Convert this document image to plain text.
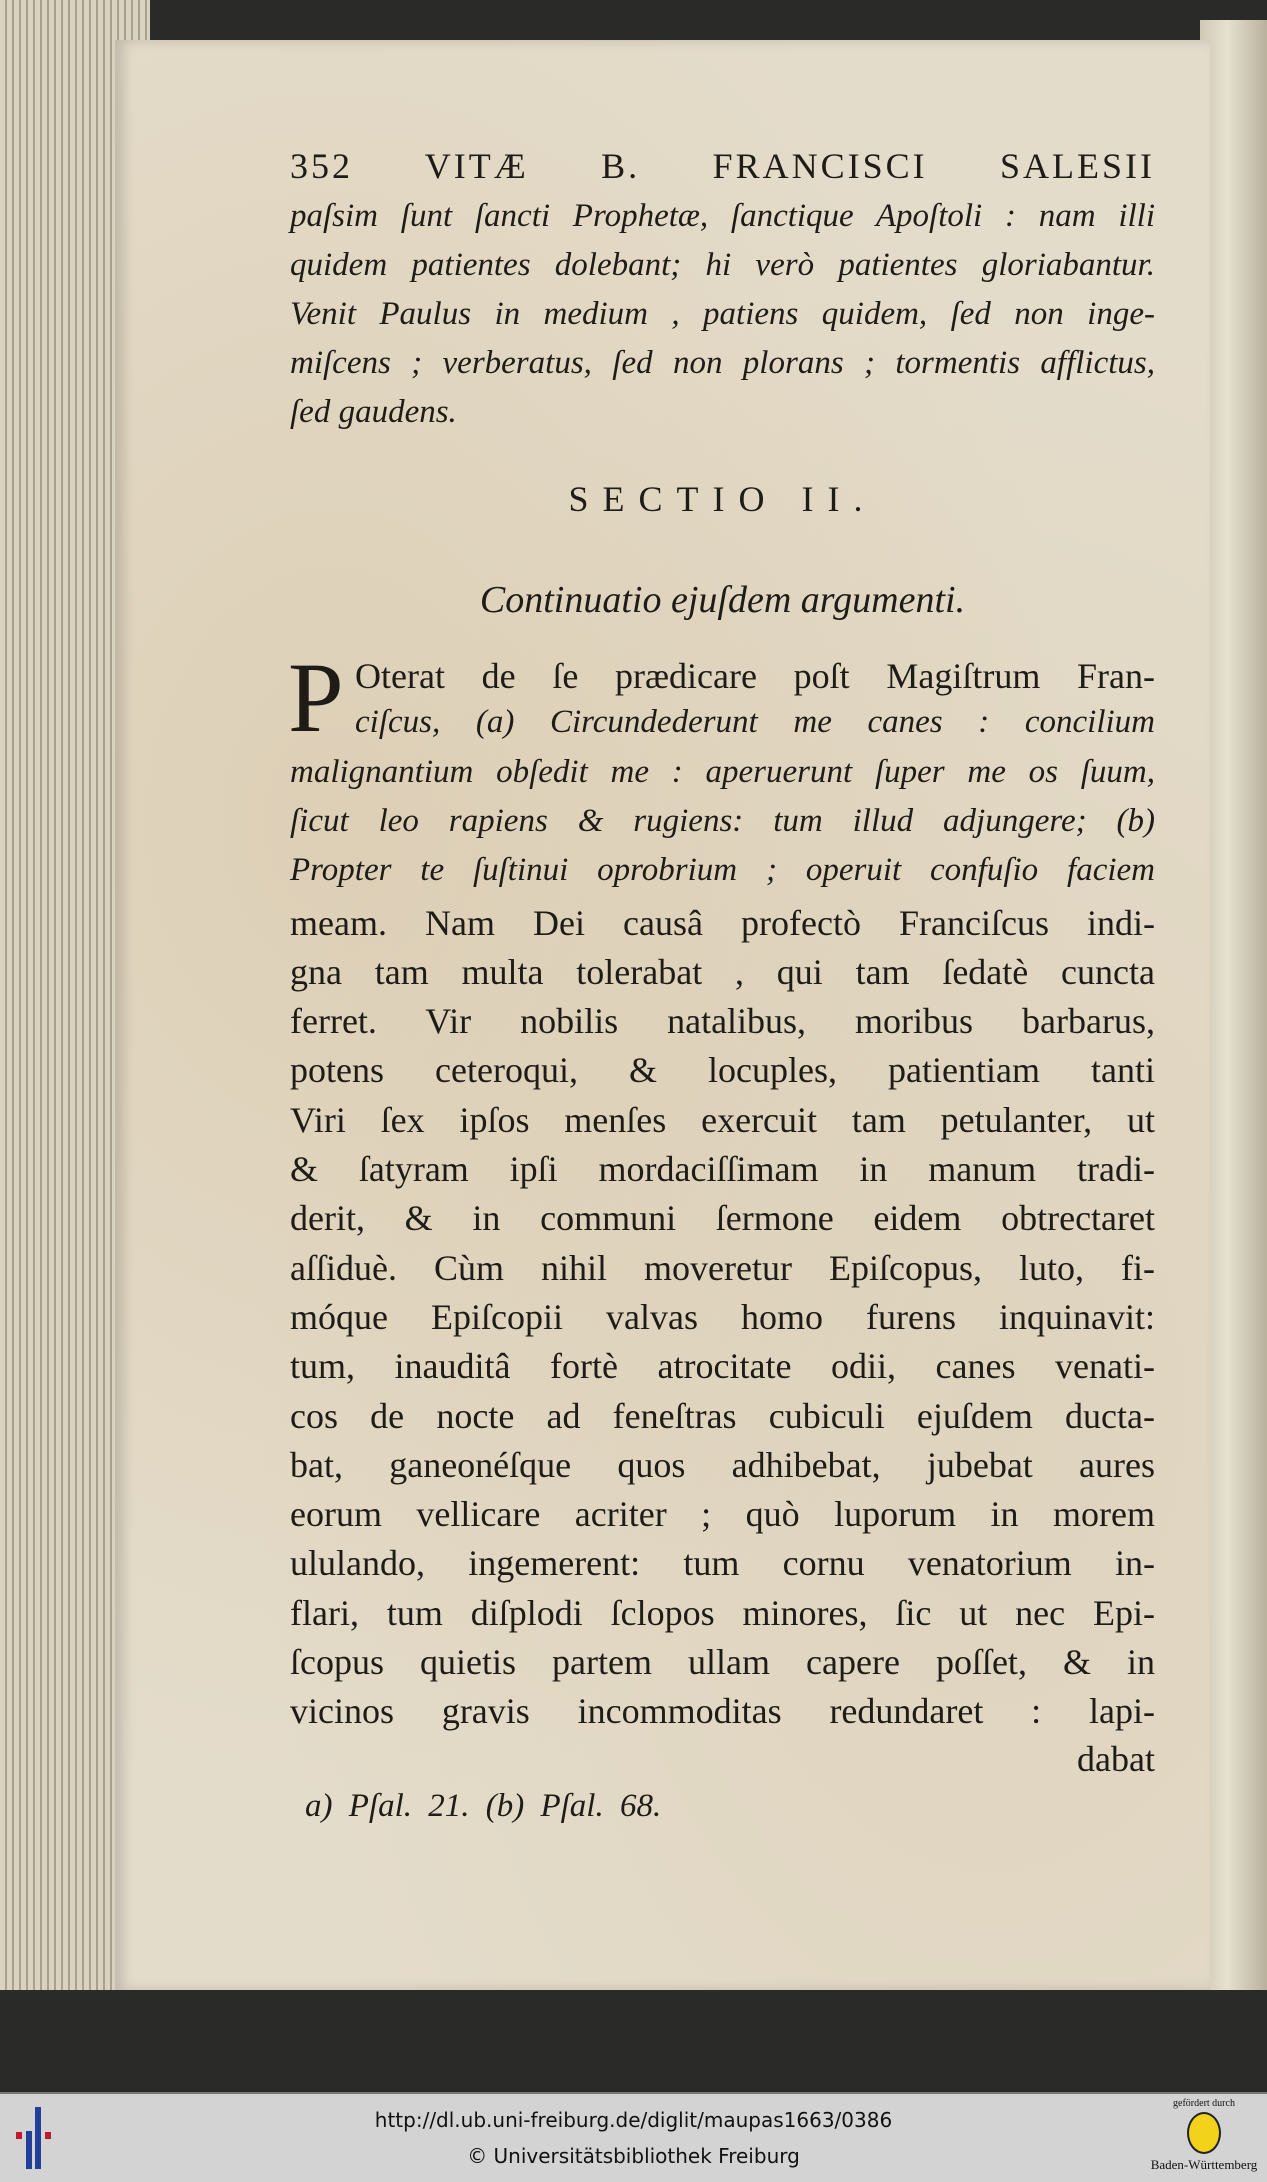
352 VITÆ B. FRANCISCI SALESII
paſsim ſunt ſancti Prophetæ, ſanctique Apoſtoli : nam illi
quidem patientes dolebant; hi verò patientes gloriabantur.
Venit Paulus in medium , patiens quidem, ſed non inge-
miſcens ; verberatus, ſed non plorans ; tormentis afflictus,
ſed gaudens.
SECTIO II.
Continuatio ejuſdem argumenti.
P Oterat de ſe prædicare poſt Magiſtrum Fran-
ciſcus, (a) Circundederunt me canes : concilium
malignantium obſedit me : aperuerunt ſuper me os ſuum,
ſicut leo rapiens & rugiens: tum illud adjungere; (b)
Propter te ſuſtinui oprobrium ; operuit confuſio faciem
meam. Nam Dei causâ profectò Franciſcus indi-
gna tam multa tolerabat , qui tam ſedatè cuncta
ferret. Vir nobilis natalibus, moribus barbarus,
potens ceteroqui, & locuples, patientiam tanti
Viri ſex ipſos menſes exercuit tam petulanter, ut
& ſatyram ipſi mordaciſſimam in manum tradi-
derit, & in communi ſermone eidem obtrectaret
aſſiduè. Cùm nihil moveretur Epiſcopus, luto, fi-
móque Epiſcopii valvas homo furens inquinavit:
tum, inauditâ fortè atrocitate odii, canes venati-
cos de nocte ad feneſtras cubiculi ejuſdem ducta-
bat, ganeonéſque quos adhibebat, jubebat aures
eorum vellicare acriter ; quò luporum in morem
ululando, ingemerent: tum cornu venatorium in-
flari, tum diſplodi ſclopos minores, ſic ut nec Epi-
ſcopus quietis partem ullam capere poſſet, & in
vicinos gravis incommoditas redundaret : lapi-
dabat
a) Pſal. 21. (b) Pſal. 68.
http://dl.ub.uni-freiburg.de/diglit/maupas1663/0386
© Universitätsbibliothek Freiburg
gefördert durch
Baden-Württemberg
